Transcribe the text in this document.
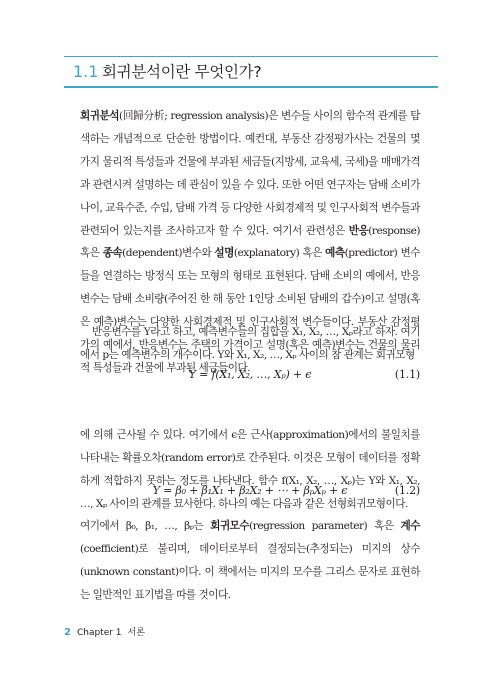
1.1 회귀분석이란 무엇인가?
회귀분석(回歸分析; regression analysis)은 변수들 사이의 함수적 관계를 탐색하는 개념적으로 단순한 방법이다. 예컨대, 부동산 감정평가사는 건물의 몇 가지 물리적 특성들과 건물에 부과된 세금들(지방세, 교육세, 국세)을 매매가격과 관련시켜 설명하는 데 관심이 있을 수 있다. 또한 어떤 연구자는 담배 소비가 나이, 교육수준, 수입, 담배 가격 등 다양한 사회경제적 및 인구사회적 변수들과 관련되어 있는지를 조사하고자 할 수 있다. 여기서 관련성은 반응(response) 혹은 종속(dependent)변수와 설명(explanatory) 혹은 예측(predictor) 변수들을 연결하는 방정식 또는 모형의 형태로 표현된다. 담배 소비의 예에서, 반응변수는 담배 소비량(주어진 한 해 동안 1인당 소비된 담배의 갑수)이고 설명(혹은 예측)변수는 다양한 사회경제적 및 인구사회적 변수들이다. 부동산 감정평가의 예에서, 반응변수는 주택의 가격이고 설명(혹은 예측)변수는 건물의 물리적 특성들과 건물에 부과된 세금들이다.
반응변수를 Y라고 하고, 예측변수들의 집합을 X₁, X₂, …, Xₚ라고 하자. 여기에서 p는 예측변수의 개수이다. Y와 X₁, X₂, …, Xₚ 사이의 참 관계는 회귀모형
Y = f(X₁, X₂, …, Xₚ) + ϵ	(1.1)
에 의해 근사될 수 있다. 여기에서 ϵ은 근사(approximation)에서의 불일치를 나타내는 확률오차(random error)로 간주된다. 이것은 모형이 데이터를 정확하게 적합하지 못하는 정도를 나타낸다. 함수 f(X₁, X₂, …, Xₚ)는 Y와 X₁, X₂, …, Xₚ 사이의 관계를 묘사한다. 하나의 예는 다음과 같은 선형회귀모형이다.
Y = β₀ + β₁X₁ + β₂X₂ + ⋯ + βₚXₚ + ϵ	(1.2)
여기에서 β₀, β₁, …, βₚ는 회귀모수(regression parameter) 혹은 계수(coefficient)로 불리며, 데이터로부터 결정되는(추정되는) 미지의 상수(unknown constant)이다. 이 책에서는 미지의 모수를 그리스 문자로 표현하는 일반적인 표기법을 따를 것이다.
2 Chapter 1 서론
